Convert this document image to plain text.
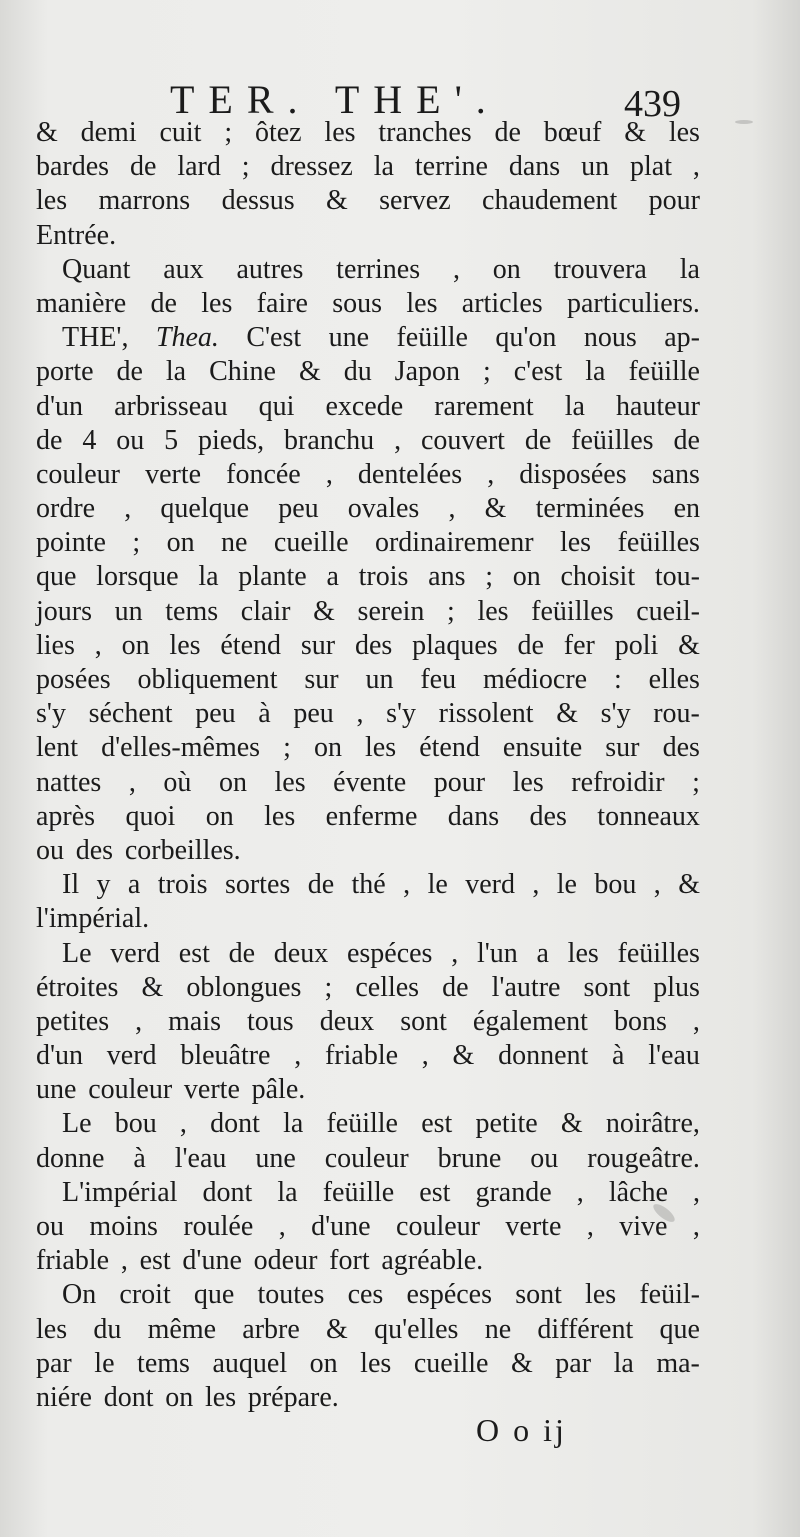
TER. THE'.	439
& demi cuit ; ôtez les tranches de bœuf & les
bardes de lard ; dressez la terrine dans un plat ,
les marrons dessus & servez chaudement pour
Entrée.
Quant aux autres terrines , on trouvera la
manière de les faire sous les articles particuliers.
THE', Thea. C'est une feüille qu'on nous ap-
porte de la Chine & du Japon ; c'est la feüille
d'un arbrisseau qui excede rarement la hauteur
de 4 ou 5 pieds, branchu , couvert de feüilles de
couleur verte foncée , dentelées , disposées sans
ordre , quelque peu ovales , & terminées en
pointe ; on ne cueille ordinairemenr les feüilles
que lorsque la plante a trois ans ; on choisit tou-
jours un tems clair & serein ; les feüilles cueil-
lies , on les étend sur des plaques de fer poli &
posées obliquement sur un feu médiocre : elles
s'y séchent peu à peu , s'y rissolent & s'y rou-
lent d'elles-mêmes ; on les étend ensuite sur des
nattes , où on les évente pour les refroidir ;
après quoi on les enferme dans des tonneaux
ou des corbeilles.
Il y a trois sortes de thé , le verd , le bou , &
l'impérial.
Le verd est de deux espéces , l'un a les feüilles
étroites & oblongues ; celles de l'autre sont plus
petites , mais tous deux sont également bons ,
d'un verd bleuâtre , friable , & donnent à l'eau
une couleur verte pâle.
Le bou , dont la feüille est petite & noirâtre,
donne à l'eau une couleur brune ou rougeâtre.
L'impérial dont la feüille est grande , lâche ,
ou moins roulée , d'une couleur verte , vive ,
friable , est d'une odeur fort agréable.
On croit que toutes ces espéces sont les feüil-
les du même arbre & qu'elles ne différent que
par le tems auquel on les cueille & par la ma-
niére dont on les prépare.
O o ij
